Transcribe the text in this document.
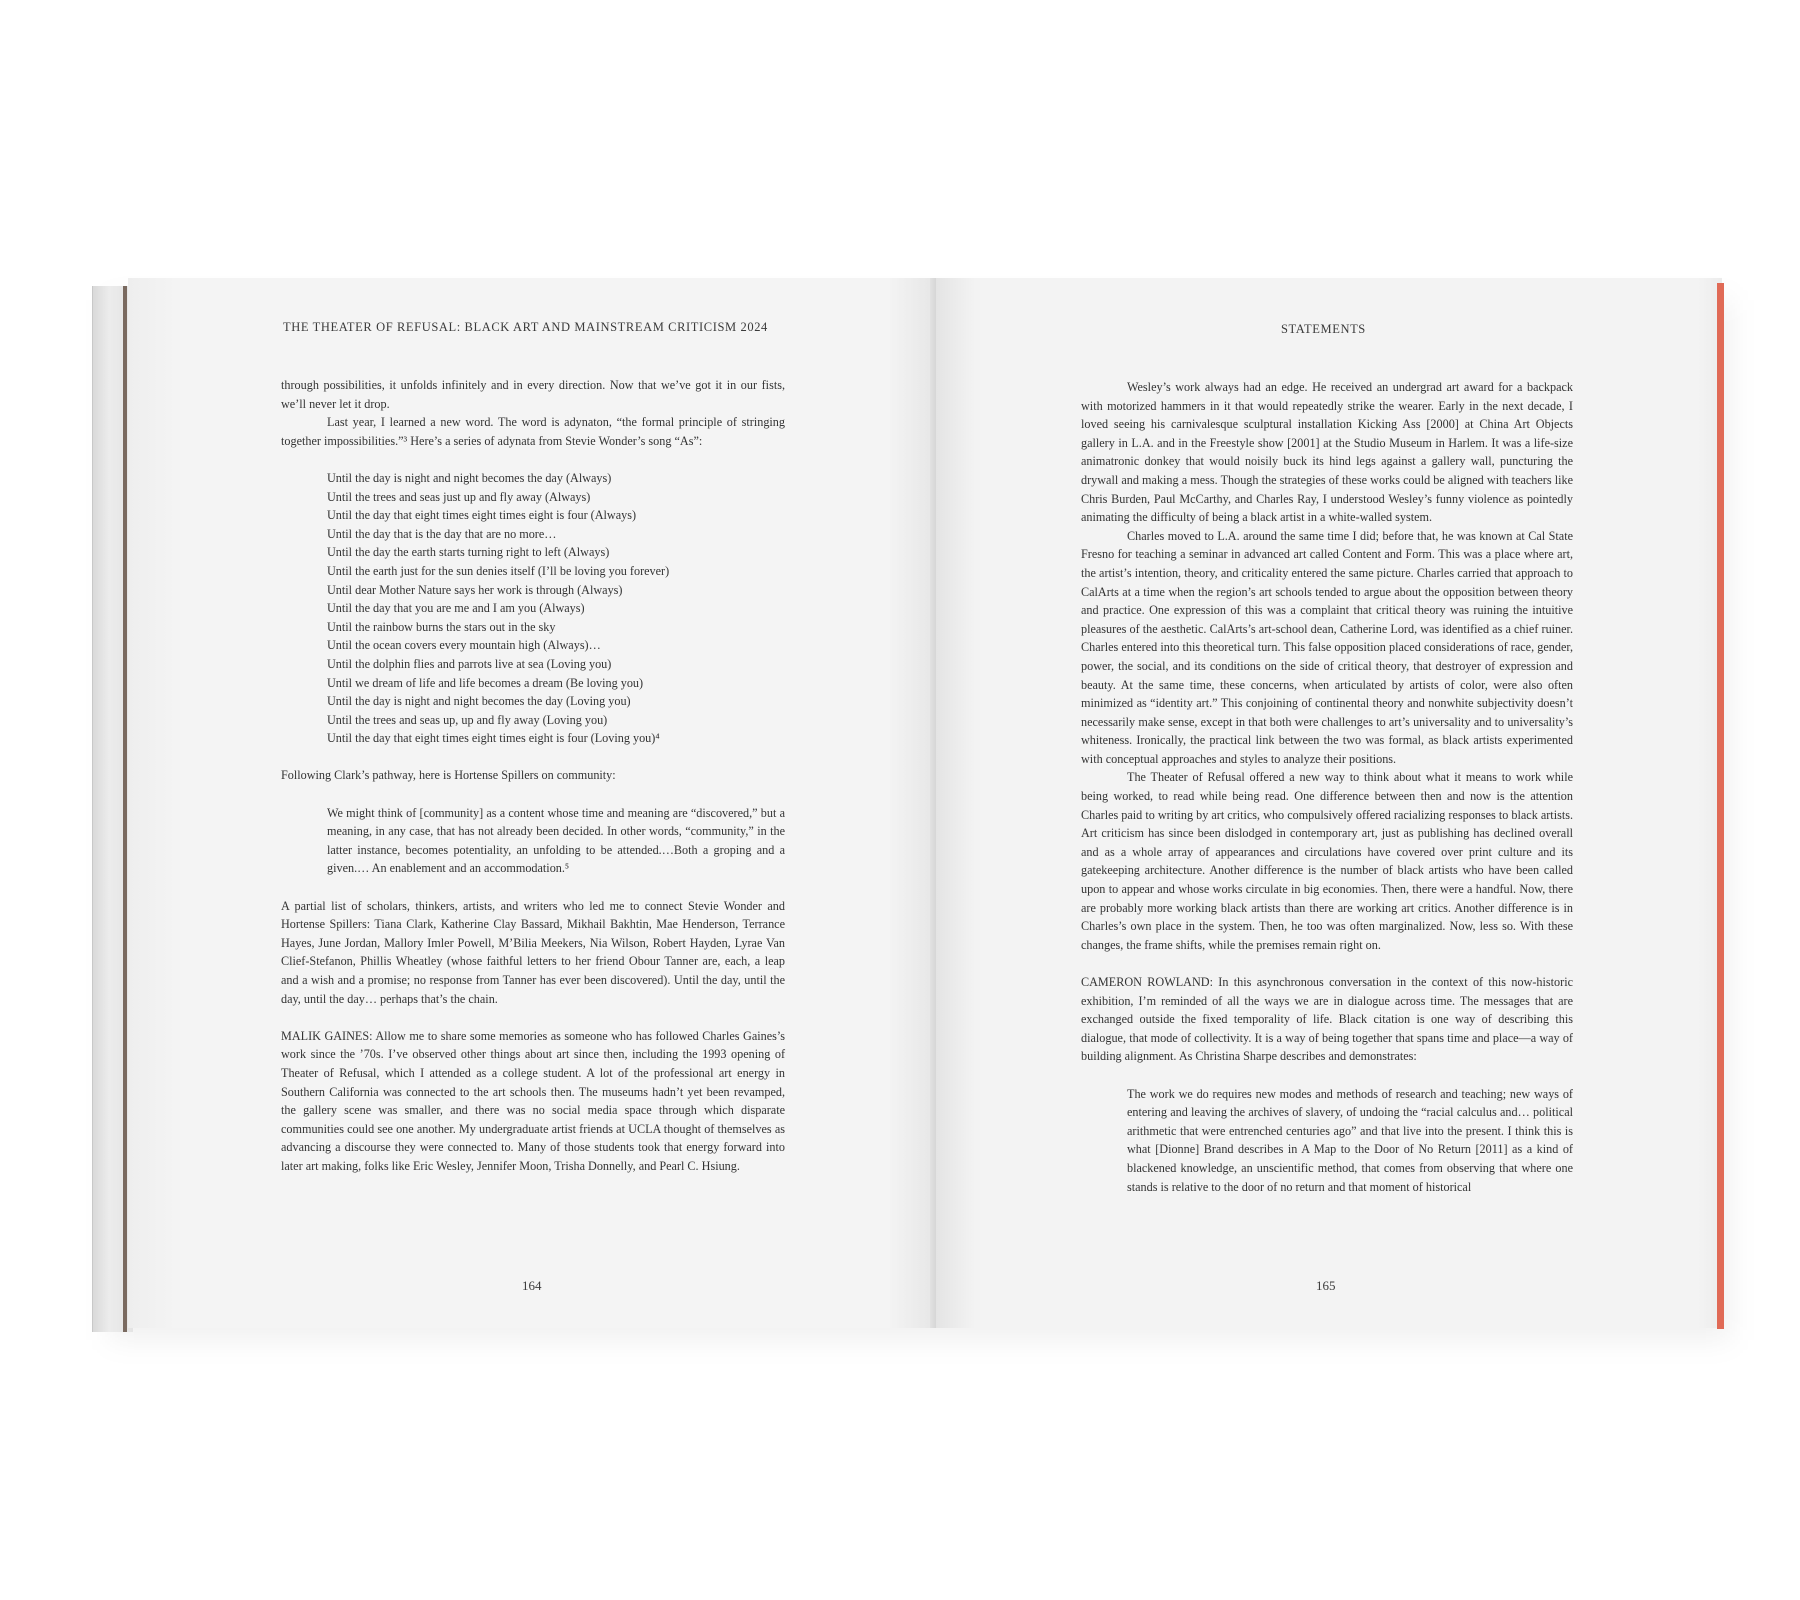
THE THEATER OF REFUSAL: BLACK ART AND MAINSTREAM CRITICISM 2024

through possibilities, it unfolds infinitely and in every direction. Now that we’ve got it in our fists, we’ll never let it drop.

Last year, I learned a new word. The word is adynaton, “the formal principle of stringing together impossibilities.”³ Here’s a series of adynata from Stevie Wonder’s song “As”:

Until the day is night and night becomes the day (Always)
Until the trees and seas just up and fly away (Always)
Until the day that eight times eight times eight is four (Always)
Until the day that is the day that are no more…
Until the day the earth starts turning right to left (Always)
Until the earth just for the sun denies itself (I’ll be loving you forever)
Until dear Mother Nature says her work is through (Always)
Until the day that you are me and I am you (Always)
Until the rainbow burns the stars out in the sky
Until the ocean covers every mountain high (Always)…
Until the dolphin flies and parrots live at sea (Loving you)
Until we dream of life and life becomes a dream (Be loving you)
Until the day is night and night becomes the day (Loving you)
Until the trees and seas up, up and fly away (Loving you)
Until the day that eight times eight times eight is four (Loving you)⁴

Following Clark’s pathway, here is Hortense Spillers on community:

We might think of [community] as a content whose time and meaning are “discovered,” but a meaning, in any case, that has not already been decided. In other words, “community,” in the latter instance, becomes potentiality, an unfolding to be attended.…Both a groping and a given.… An enablement and an accommodation.⁵

A partial list of scholars, thinkers, artists, and writers who led me to connect Stevie Wonder and Hortense Spillers: Tiana Clark, Katherine Clay Bassard, Mikhail Bakhtin, Mae Henderson, Terrance Hayes, June Jordan, Mallory Imler Powell, M’Bilia Meekers, Nia Wilson, Robert Hayden, Lyrae Van Clief-Stefanon, Phillis Wheatley (whose faithful letters to her friend Obour Tanner are, each, a leap and a wish and a promise; no response from Tanner has ever been discovered). Until the day, until the day, until the day… perhaps that’s the chain.

MALIK GAINES: Allow me to share some memories as someone who has followed Charles Gaines’s work since the ’70s. I’ve observed other things about art since then, including the 1993 opening of Theater of Refusal, which I attended as a college student. A lot of the professional art energy in Southern California was connected to the art schools then. The museums hadn’t yet been revamped, the gallery scene was smaller, and there was no social media space through which disparate communities could see one another. My undergraduate artist friends at UCLA thought of themselves as advancing a discourse they were connected to. Many of those students took that energy forward into later art making, folks like Eric Wesley, Jennifer Moon, Trisha Donnelly, and Pearl C. Hsiung.

164
STATEMENTS

Wesley’s work always had an edge. He received an undergrad art award for a backpack with motorized hammers in it that would repeatedly strike the wearer. Early in the next decade, I loved seeing his carnivalesque sculptural installation Kicking Ass [2000] at China Art Objects gallery in L.A. and in the Freestyle show [2001] at the Studio Museum in Harlem. It was a life-size animatronic donkey that would noisily buck its hind legs against a gallery wall, puncturing the drywall and making a mess. Though the strategies of these works could be aligned with teachers like Chris Burden, Paul McCarthy, and Charles Ray, I understood Wesley’s funny violence as pointedly animating the difficulty of being a black artist in a white-walled system.

Charles moved to L.A. around the same time I did; before that, he was known at Cal State Fresno for teaching a seminar in advanced art called Content and Form. This was a place where art, the artist’s intention, theory, and criticality entered the same picture. Charles carried that approach to CalArts at a time when the region’s art schools tended to argue about the opposition between theory and practice. One expression of this was a complaint that critical theory was ruining the intuitive pleasures of the aesthetic. CalArts’s art-school dean, Catherine Lord, was identified as a chief ruiner. Charles entered into this theoretical turn. This false opposition placed considerations of race, gender, power, the social, and its conditions on the side of critical theory, that destroyer of expression and beauty. At the same time, these concerns, when articulated by artists of color, were also often minimized as “identity art.” This conjoining of continental theory and nonwhite subjectivity doesn’t necessarily make sense, except in that both were challenges to art’s universality and to universality’s whiteness. Ironically, the practical link between the two was formal, as black artists experimented with conceptual approaches and styles to analyze their positions.

The Theater of Refusal offered a new way to think about what it means to work while being worked, to read while being read. One difference between then and now is the attention Charles paid to writing by art critics, who compulsively offered racializing responses to black artists. Art criticism has since been dislodged in contemporary art, just as publishing has declined overall and as a whole array of appearances and circulations have covered over print culture and its gatekeeping architecture. Another difference is the number of black artists who have been called upon to appear and whose works circulate in big economies. Then, there were a handful. Now, there are probably more working black artists than there are working art critics. Another difference is in Charles’s own place in the system. Then, he too was often marginalized. Now, less so. With these changes, the frame shifts, while the premises remain right on.

CAMERON ROWLAND: In this asynchronous conversation in the context of this now-historic exhibition, I’m reminded of all the ways we are in dialogue across time. The messages that are exchanged outside the fixed temporality of life. Black citation is one way of describing this dialogue, that mode of collectivity. It is a way of being together that spans time and place—a way of building alignment. As Christina Sharpe describes and demonstrates:

The work we do requires new modes and methods of research and teaching; new ways of entering and leaving the archives of slavery, of undoing the “racial calculus and… political arithmetic that were entrenched centuries ago” and that live into the present. I think this is what [Dionne] Brand describes in A Map to the Door of No Return [2011] as a kind of blackened knowledge, an unscientific method, that comes from observing that where one stands is relative to the door of no return and that moment of historical

165
